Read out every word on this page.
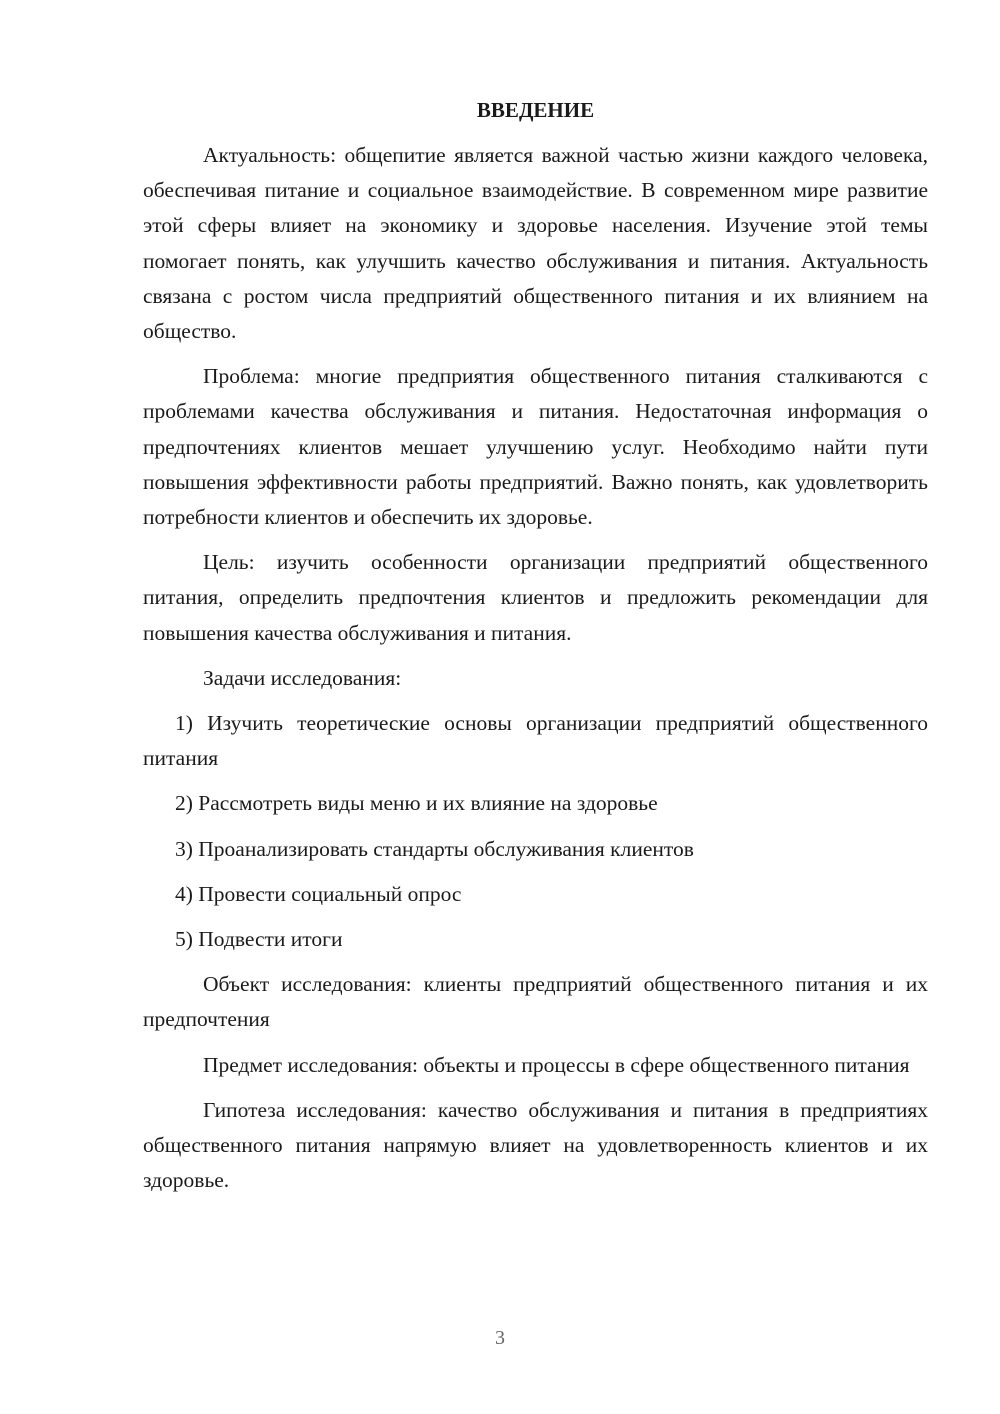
ВВЕДЕНИЕ

Актуальность: общепитие является важной частью жизни каждого человека, обеспечивая питание и социальное взаимодействие. В современном мире развитие этой сферы влияет на экономику и здоровье населения. Изучение этой темы помогает понять, как улучшить качество обслуживания и питания. Актуальность связана с ростом числа предприятий общественного питания и их влиянием на общество.

Проблема: многие предприятия общественного питания сталкиваются с проблемами качества обслуживания и питания. Недостаточная информация о предпочтениях клиентов мешает улучшению услуг. Необходимо найти пути повышения эффективности работы предприятий. Важно понять, как удовлетворить потребности клиентов и обеспечить их здоровье.

Цель: изучить особенности организации предприятий общественного питания, определить предпочтения клиентов и предложить рекомендации для повышения качества обслуживания и питания.

Задачи исследования:

1) Изучить теоретические основы организации предприятий общественного питания

2) Рассмотреть виды меню и их влияние на здоровье

3) Проанализировать стандарты обслуживания клиентов

4) Провести социальный опрос

5) Подвести итоги

Объект исследования: клиенты предприятий общественного питания и их предпочтения

Предмет исследования: объекты и процессы в сфере общественного питания

Гипотеза исследования: качество обслуживания и питания в предприятиях общественного питания напрямую влияет на удовлетворенность клиентов и их здоровье.

3
